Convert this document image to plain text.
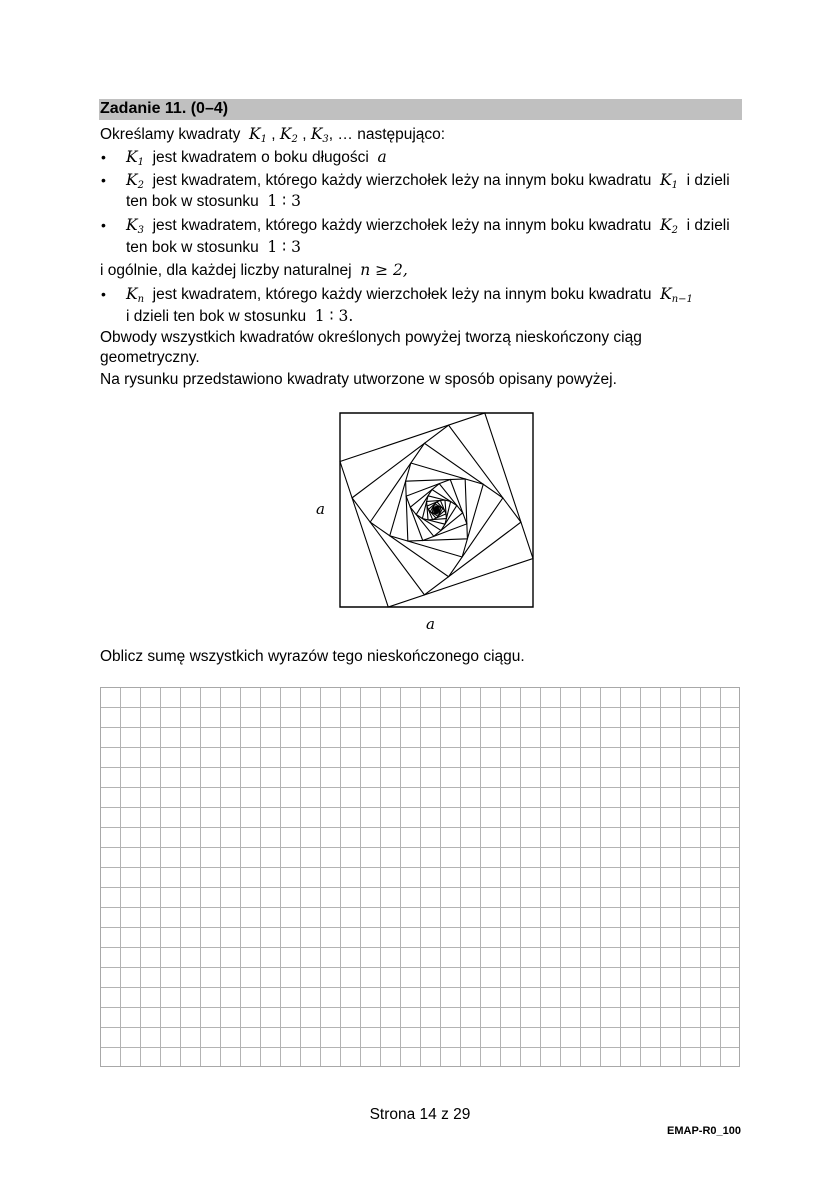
Zadanie 11. (0–4)
Określamy kwadraty $K_1$ , $K_2$ , $K_3$, … następująco:
• $K_1$ jest kwadratem o boku długości a
• $K_2$ jest kwadratem, którego każdy wierzchołek leży na innym boku kwadratu $K_1$ i dzieli
ten bok w stosunku 1 ∶ 3
• $K_3$ jest kwadratem, którego każdy wierzchołek leży na innym boku kwadratu $K_2$ i dzieli
ten bok w stosunku 1 ∶ 3
i ogólnie, dla każdej liczby naturalnej n ≥ 2,
• $K_n$ jest kwadratem, którego każdy wierzchołek leży na innym boku kwadratu $K_{n-1}$
i dzieli ten bok w stosunku 1 ∶ 3.
Obwody wszystkich kwadratów określonych powyżej tworzą nieskończony ciąg
geometryczny.
Na rysunku przedstawiono kwadraty utworzone w sposób opisany powyżej.
a
a
Oblicz sumę wszystkich wyrazów tego nieskończonego ciągu.
Strona 14 z 29
EMAP-R0_100
